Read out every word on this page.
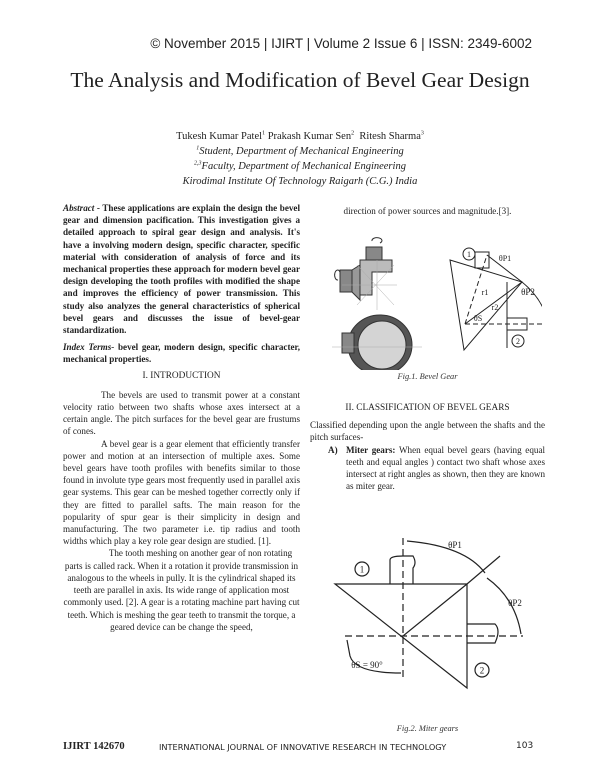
© November 2015 | IJIRT | Volume 2 Issue 6 | ISSN: 2349-6002
The Analysis and Modification of Bevel Gear Design
Tukesh Kumar Patel$^1$ Prakash Kumar Sen$^2$ Ritesh Sharma$^3$
$^1$Student, Department of Mechanical Engineering
$^{2,3}$Faculty, Department of Mechanical Engineering
Kirodimal Institute Of Technology Raigarh (C.G.) India

Abstract - These applications are explain the design the bevel gear and dimension pacification. This investigation gives a detailed approach to spiral gear design and analysis. It's have a involving modern design, specific character, specific material with consideration of analysis of force and its mechanical properties these approach for modern bevel gear design developing the tooth profiles with modified the shape and improves the efficiency of power transmission. This study also analyzes the general characteristics of spherical bevel gears and discusses the issue of bevel-gear standardization.

Index Terms- bevel gear, modern design, specific character, mechanical properties.

I. INTRODUCTION

The bevels are used to transmit power at a constant velocity ratio between two shafts whose axes intersect at a certain angle. The pitch surfaces for the bevel gear are frustums of cones.

A bevel gear is a gear element that efficiently transfer power and motion at an intersection of multiple axes. Some bevel gears have tooth profiles with benefits similar to those found in involute type gears most frequently used in parallel axis gear systems. This gear can be meshed together correctly only if they are fitted to parallel safts. The main reason for the popularity of spur gear is their simplicity in design and manufacturing. The two parameter i.e. tip radius and tooth widths which play a key role gear design are studied. [1].

The tooth meshing on another gear of non rotating parts is called rack. When it a rotation it provide transmission in analogous to the wheels in pully. It is the cylindrical shaped its teeth are parallel in axis. Its wide range of application most commonly used. [2]. A gear is a rotating machine part having cut teeth. Which is meshing the gear teeth to transmit the torque, a geared device can be change the speed,

direction of power sources and magnitude.[3].
1
2
θP1
θP2
r1
r2
θS
Fig.1. Bevel Gear

II. CLASSIFICATION OF BEVEL GEARS

Classified depending upon the angle between the shafts and the pitch surfaces-

A) Miter gears: When equal bevel gears (having equal teeth and equal angles ) contact two shaft whose axes intersect at right angles as shown, then they are known as miter gear.

1
2
θP1
θP2
θS = 90°
Fig.2. Miter gears
IJIRT 142670	INTERNATIONAL JOURNAL OF INNOVATIVE RESEARCH IN TECHNOLOGY	103
